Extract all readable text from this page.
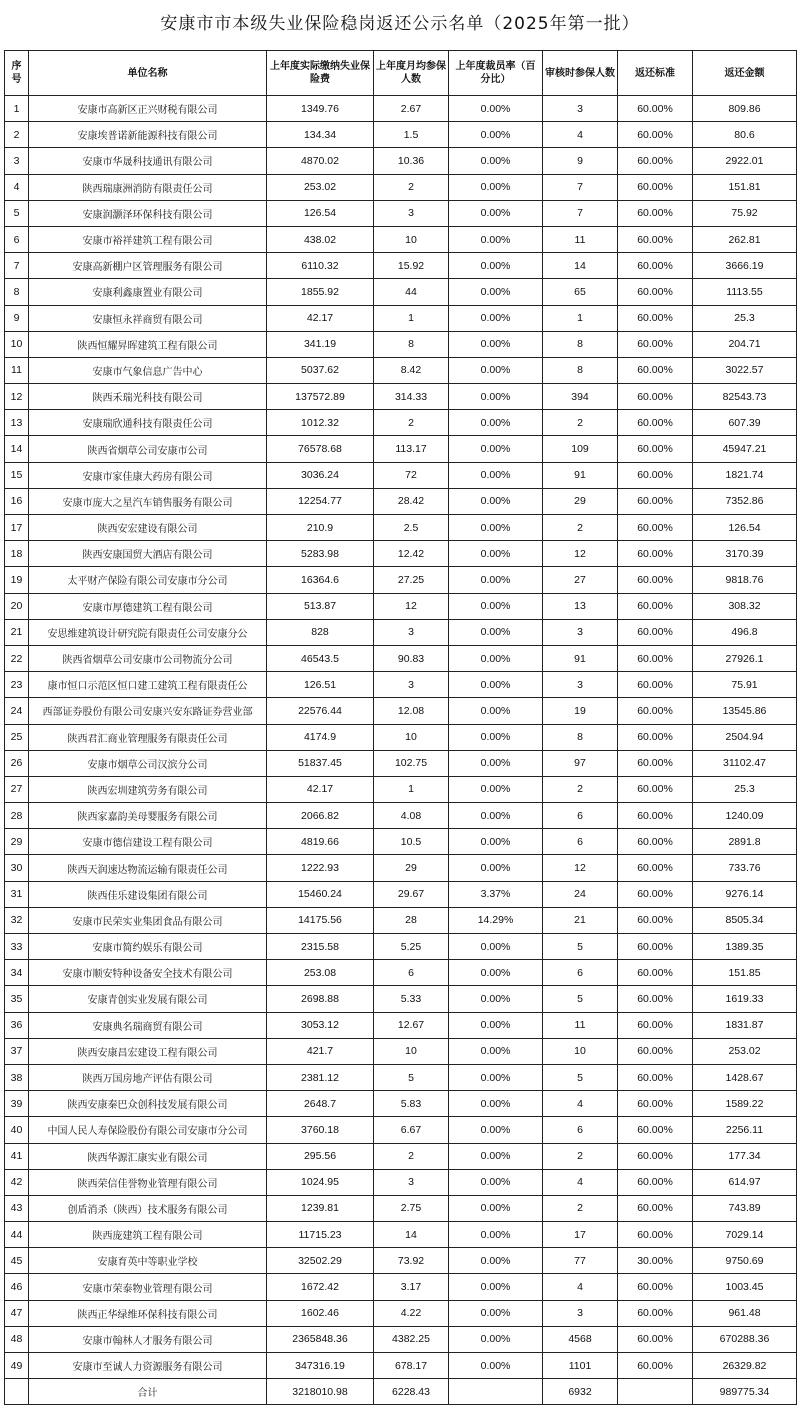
安康市市本级失业保险稳岗返还公示名单（2025年第一批）
序号	单位名称	上年度实际缴纳失业保险费	上年度月均参保人数	上年度裁员率（百分比）	审核时参保人数	返还标准	返还金额
1	安康市高新区正兴财税有限公司	1349.76	2.67	0.00%	3	60.00%	809.86
2	安康埃普诺新能源科技有限公司	134.34	1.5	0.00%	4	60.00%	80.6
3	安康市华晟科技通讯有限公司	4870.02	10.36	0.00%	9	60.00%	2922.01
4	陕西瑞康洲消防有限责任公司	253.02	2	0.00%	7	60.00%	151.81
5	安康润灏泽环保科技有限公司	126.54	3	0.00%	7	60.00%	75.92
6	安康市裕祥建筑工程有限公司	438.02	10	0.00%	11	60.00%	262.81
7	安康高新棚户区管理服务有限公司	6110.32	15.92	0.00%	14	60.00%	3666.19
8	安康利鑫康置业有限公司	1855.92	44	0.00%	65	60.00%	1113.55
9	安康恒永祥商贸有限公司	42.17	1	0.00%	1	60.00%	25.3
10	陕西恒耀昇晖建筑工程有限公司	341.19	8	0.00%	8	60.00%	204.71
11	安康市气象信息广告中心	5037.62	8.42	0.00%	8	60.00%	3022.57
12	陕西禾瑞光科技有限公司	137572.89	314.33	0.00%	394	60.00%	82543.73
13	安康瑞欣通科技有限责任公司	1012.32	2	0.00%	2	60.00%	607.39
14	陕西省烟草公司安康市公司	76578.68	113.17	0.00%	109	60.00%	45947.21
15	安康市家佳康大药房有限公司	3036.24	72	0.00%	91	60.00%	1821.74
16	安康市庞大之星汽车销售服务有限公司	12254.77	28.42	0.00%	29	60.00%	7352.86
17	陕西安宏建设有限公司	210.9	2.5	0.00%	2	60.00%	126.54
18	陕西安康国贸大酒店有限公司	5283.98	12.42	0.00%	12	60.00%	3170.39
19	太平财产保险有限公司安康市分公司	16364.6	27.25	0.00%	27	60.00%	9818.76
20	安康市厚德建筑工程有限公司	513.87	12	0.00%	13	60.00%	308.32
21	安思维建筑设计研究院有限责任公司安康分公	828	3	0.00%	3	60.00%	496.8
22	陕西省烟草公司安康市公司物流分公司	46543.5	90.83	0.00%	91	60.00%	27926.1
23	康市恒口示范区恒口建工建筑工程有限责任公	126.51	3	0.00%	3	60.00%	75.91
24	西部证券股份有限公司安康兴安东路证券营业部	22576.44	12.08	0.00%	19	60.00%	13545.86
25	陕西君汇商业管理服务有限责任公司	4174.9	10	0.00%	8	60.00%	2504.94
26	安康市烟草公司汉滨分公司	51837.45	102.75	0.00%	97	60.00%	31102.47
27	陕西宏圳建筑劳务有限公司	42.17	1	0.00%	2	60.00%	25.3
28	陕西家嘉韵美母婴服务有限公司	2066.82	4.08	0.00%	6	60.00%	1240.09
29	安康市德信建设工程有限公司	4819.66	10.5	0.00%	6	60.00%	2891.8
30	陕西天润速达物流运输有限责任公司	1222.93	29	0.00%	12	60.00%	733.76
31	陕西佳乐建设集团有限公司	15460.24	29.67	3.37%	24	60.00%	9276.14
32	安康市民荣实业集团食品有限公司	14175.56	28	14.29%	21	60.00%	8505.34
33	安康市简约娱乐有限公司	2315.58	5.25	0.00%	5	60.00%	1389.35
34	安康市顺安特种设备安全技术有限公司	253.08	6	0.00%	6	60.00%	151.85
35	安康青创实业发展有限公司	2698.88	5.33	0.00%	5	60.00%	1619.33
36	安康典名瑞商贸有限公司	3053.12	12.67	0.00%	11	60.00%	1831.87
37	陕西安康昌宏建设工程有限公司	421.7	10	0.00%	10	60.00%	253.02
38	陕西万国房地产评估有限公司	2381.12	5	0.00%	5	60.00%	1428.67
39	陕西安康秦巴众创科技发展有限公司	2648.7	5.83	0.00%	4	60.00%	1589.22
40	中国人民人寿保险股份有限公司安康市分公司	3760.18	6.67	0.00%	6	60.00%	2256.11
41	陕西华源汇康实业有限公司	295.56	2	0.00%	2	60.00%	177.34
42	陕西荣信佳誉物业管理有限公司	1024.95	3	0.00%	4	60.00%	614.97
43	创盾消杀（陕西）技术服务有限公司	1239.81	2.75	0.00%	2	60.00%	743.89
44	陕西庞建筑工程有限公司	11715.23	14	0.00%	17	60.00%	7029.14
45	安康育英中等职业学校	32502.29	73.92	0.00%	77	30.00%	9750.69
46	安康市荣泰物业管理有限公司	1672.42	3.17	0.00%	4	60.00%	1003.45
47	陕西正华绿维环保科技有限公司	1602.46	4.22	0.00%	3	60.00%	961.48
48	安康市翰林人才服务有限公司	2365848.36	4382.25	0.00%	4568	60.00%	670288.36
49	安康市至诚人力资源服务有限公司	347316.19	678.17	0.00%	1101	60.00%	26329.82
	合计	3218010.98	6228.43		6932		989775.34
